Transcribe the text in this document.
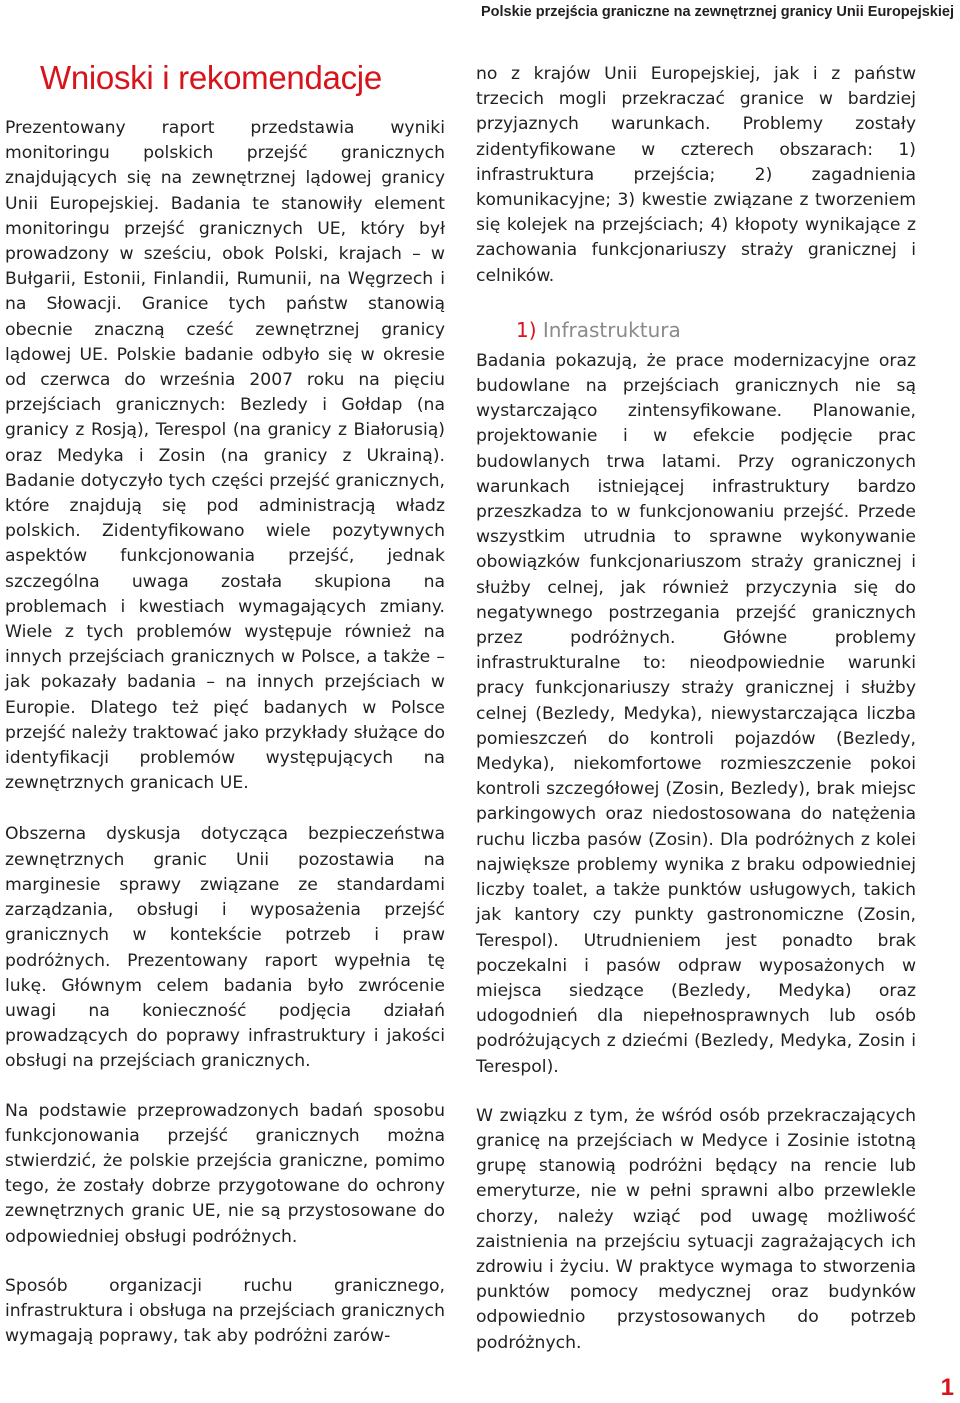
Polskie przejścia graniczne na zewnętrznej granicy Unii Europejskiej
Wnioski i rekomendacje

Prezentowany raport przedstawia wyniki monitoringu polskich przejść granicznych znajdujących się na zewnętrznej lądowej granicy Unii Europejskiej. Badania te stanowiły element monitoringu przejść granicznych UE, który był prowadzony w sześciu, obok Polski, krajach – w Bułgarii, Estonii, Finlandii, Rumunii, na Węgrzech i na Słowacji. Granice tych państw stanowią obecnie znaczną cześć zewnętrznej granicy lądowej UE. Polskie badanie odbyło się w okresie od czerwca do września 2007 roku na pięciu przejściach granicznych: Bezledy i Gołdap (na granicy z Rosją), Terespol (na granicy z Białorusią) oraz Medyka i Zosin (na granicy z Ukrainą). Badanie dotyczyło tych części przejść granicznych, które znajdują się pod administracją władz polskich. Zidentyfikowano wiele pozytywnych aspektów funkcjonowania przejść, jednak szczególna uwaga została skupiona na problemach i kwestiach wymagających zmiany. Wiele z tych problemów występuje również na innych przejściach granicznych w Polsce, a także – jak pokazały badania – na innych przejściach w Europie. Dlatego też pięć badanych w Polsce przejść należy traktować jako przykłady służące do identyfikacji problemów występujących na zewnętrznych granicach UE.

Obszerna dyskusja dotycząca bezpieczeństwa zewnętrznych granic Unii pozostawia na marginesie sprawy związane ze standardami zarządzania, obsługi i wyposażenia przejść granicznych w kontekście potrzeb i praw podróżnych. Prezentowany raport wypełnia tę lukę. Głównym celem badania było zwrócenie uwagi na konieczność podjęcia działań prowadzących do poprawy infrastruktury i jakości obsługi na przejściach granicznych.

Na podstawie przeprowadzonych badań sposobu funkcjonowania przejść granicznych można stwierdzić, że polskie przejścia graniczne, pomimo tego, że zostały dobrze przygotowane do ochrony zewnętrznych granic UE, nie są przystosowane do odpowiedniej obsługi podróżnych.

Sposób organizacji ruchu granicznego, infrastruktura i obsługa na przejściach granicznych wymagają poprawy, tak aby podróżni zarów-

no z krajów Unii Europejskiej, jak i z państw trzecich mogli przekraczać granice w bardziej przyjaznych warunkach. Problemy zostały zidentyfikowane w czterech obszarach: 1) infrastruktura przejścia; 2) zagadnienia komunikacyjne; 3) kwestie związane z tworzeniem się kolejek na przejściach; 4) kłopoty wynikające z zachowania funkcjonariuszy straży granicznej i celników.

1) Infrastruktura

Badania pokazują, że prace modernizacyjne oraz budowlane na przejściach granicznych nie są wystarczająco zintensyfikowane. Planowanie, projektowanie i w efekcie podjęcie prac budowlanych trwa latami. Przy ograniczonych warunkach istniejącej infrastruktury bardzo przeszkadza to w funkcjonowaniu przejść. Przede wszystkim utrudnia to sprawne wykonywanie obowiązków funkcjonariuszom straży granicznej i służby celnej, jak również przyczynia się do negatywnego postrzegania przejść granicznych przez podróżnych. Główne problemy infrastrukturalne to: nieodpowiednie warunki pracy funkcjonariuszy straży granicznej i służby celnej (Bezledy, Medyka), niewystarczająca liczba pomieszczeń do kontroli pojazdów (Bezledy, Medyka), niekomfortowe rozmieszczenie pokoi kontroli szczegółowej (Zosin, Bezledy), brak miejsc parkingowych oraz niedostosowana do natężenia ruchu liczba pasów (Zosin). Dla podróżnych z kolei największe problemy wynika z braku odpowiedniej liczby toalet, a także punktów usługowych, takich jak kantory czy punkty gastronomiczne (Zosin, Terespol). Utrudnieniem jest ponadto brak poczekalni i pasów odpraw wyposażonych w miejsca siedzące (Bezledy, Medyka) oraz udogodnień dla niepełnosprawnych lub osób podróżujących z dziećmi (Bezledy, Medyka, Zosin i Terespol).

W związku z tym, że wśród osób przekraczających granicę na przejściach w Medyce i Zosinie istotną grupę stanowią podróżni będący na rencie lub emeryturze, nie w pełni sprawni albo przewlekle chorzy, należy wziąć pod uwagę możliwość zaistnienia na przejściu sytuacji zagrażających ich zdrowiu i życiu. W praktyce wymaga to stworzenia punktów pomocy medycznej oraz budynków odpowiednio przystosowanych do potrzeb podróżnych.

1
